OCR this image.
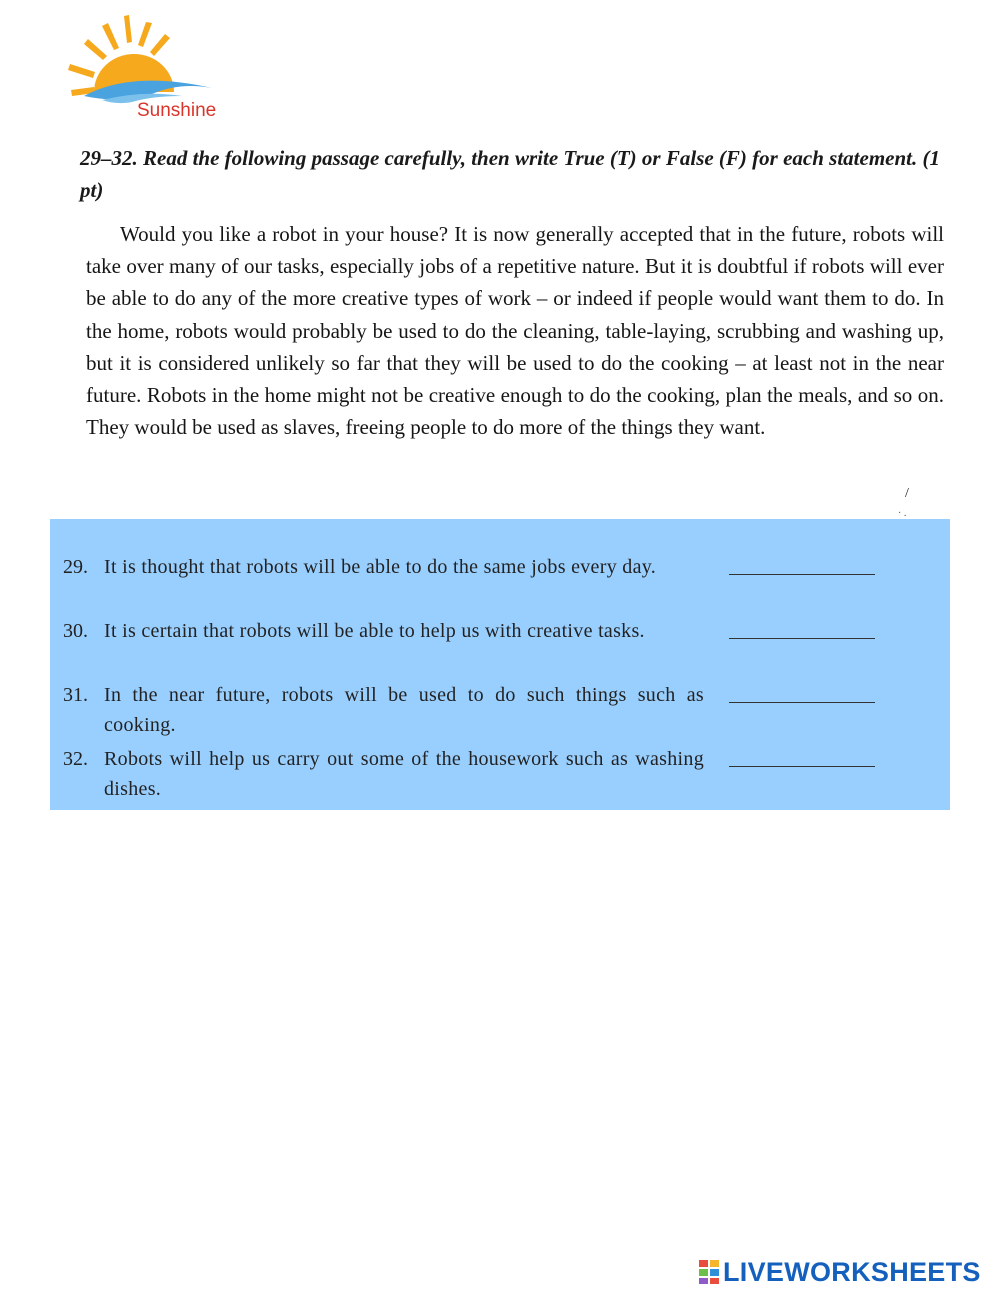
Sunshine
29–32. Read the following passage carefully, then write True (T) or False (F) for each statement. (1 pt)
Would you like a robot in your house? It is now generally accepted that in the future, robots will take over many of our tasks, especially jobs of a repetitive nature. But it is doubtful if robots will ever be able to do any of the more creative types of work – or indeed if people would want them to do. In the home, robots would probably be used to do the cleaning, table-laying, scrubbing and washing up, but it is considered unlikely so far that they will be used to do the cooking – at least not in the near future. Robots in the home might not be creative enough to do the cooking, plan the meals, and so on. They would be used as slaves, freeing people to do more of the things they want.
/
· .
29. It is thought that robots will be able to do the same jobs every day.
30. It is certain that robots will be able to help us with creative tasks.
31. In the near future, robots will be used to do such things such as cooking.
32. Robots will help us carry out some of the housework such as washing dishes.
LIVEWORKSHEETS
